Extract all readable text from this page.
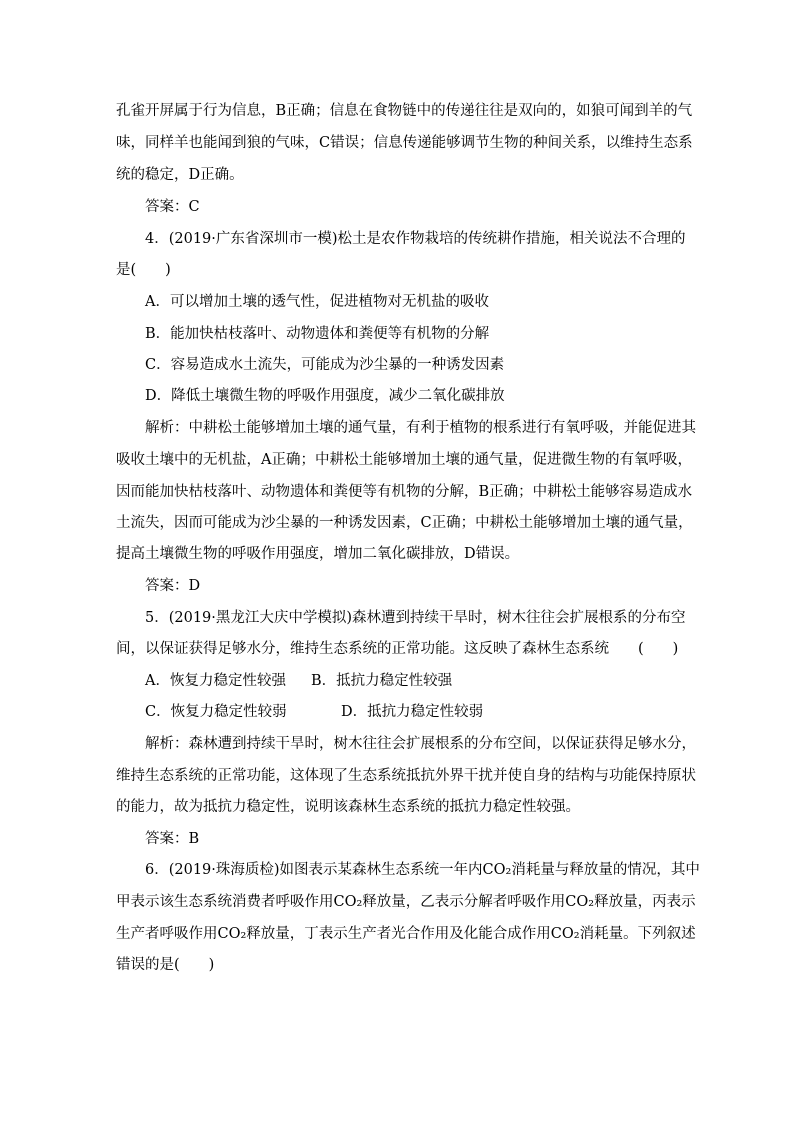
孔雀开屏属于行为信息，B正确；信息在食物链中的传递往往是双向的，如狼可闻到羊的气
味，同样羊也能闻到狼的气味，C错误；信息传递能够调节生物的种间关系，以维持生态系
统的稳定，D正确。
答案：C
4．(2019·广东省深圳市一模)松土是农作物栽培的传统耕作措施，相关说法不合理的
是(　　)
A．可以增加土壤的透气性，促进植物对无机盐的吸收
B．能加快枯枝落叶、动物遗体和粪便等有机物的分解
C．容易造成水土流失，可能成为沙尘暴的一种诱发因素
D．降低土壤微生物的呼吸作用强度，减少二氧化碳排放
解析：中耕松土能够增加土壤的通气量，有利于植物的根系进行有氧呼吸，并能促进其
吸收土壤中的无机盐，A正确；中耕松土能够增加土壤的通气量，促进微生物的有氧呼吸，
因而能加快枯枝落叶、动物遗体和粪便等有机物的分解，B正确；中耕松土能够容易造成水
土流失，因而可能成为沙尘暴的一种诱发因素，C正确；中耕松土能够增加土壤的通气量，
提高土壤微生物的呼吸作用强度，增加二氧化碳排放，D错误。
答案：D
5．(2019·黑龙江大庆中学模拟)森林遭到持续干旱时，树木往往会扩展根系的分布空
间，以保证获得足够水分，维持生态系统的正常功能。这反映了森林生态系统　　(　　)
A．恢复力稳定性较强 B．抵抗力稳定性较强
C．恢复力稳定性较弱	D．抵抗力稳定性较弱
解析：森林遭到持续干旱时，树木往往会扩展根系的分布空间，以保证获得足够水分，
维持生态系统的正常功能，这体现了生态系统抵抗外界干扰并使自身的结构与功能保持原状
的能力，故为抵抗力稳定性，说明该森林生态系统的抵抗力稳定性较强。
答案：B
6．(2019·珠海质检)如图表示某森林生态系统一年内CO₂消耗量与释放量的情况，其中
甲表示该生态系统消费者呼吸作用CO₂释放量，乙表示分解者呼吸作用CO₂释放量，丙表示
生产者呼吸作用CO₂释放量，丁表示生产者光合作用及化能合成作用CO₂消耗量。下列叙述
错误的是(　　)
